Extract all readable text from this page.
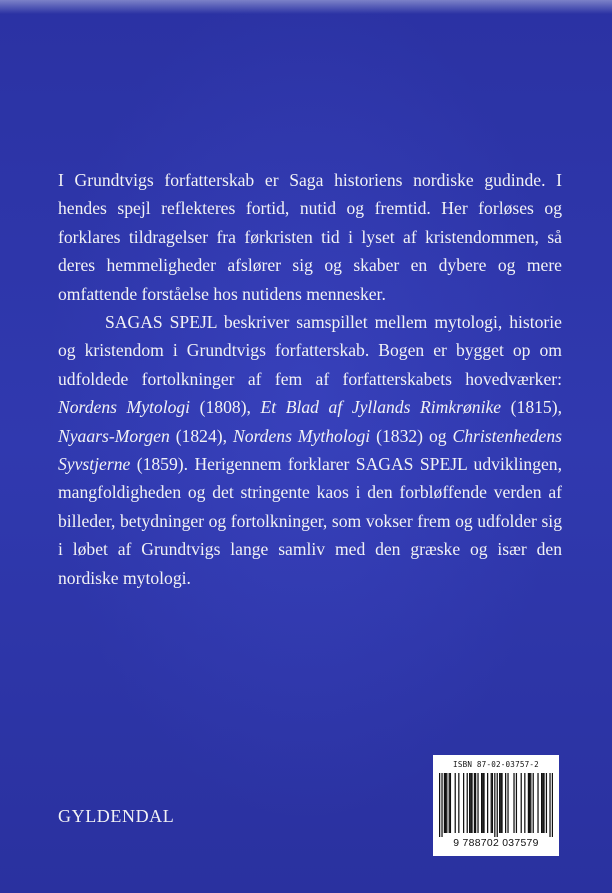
I Grundtvigs forfatterskab er Saga historiens nordiske gudinde. I hendes spejl reflekteres fortid, nutid og fremtid. Her forløses og forklares tildragelser fra førkristen tid i lyset af kristendommen, så deres hemmeligheder afslører sig og skaber en dybere og mere omfattende forståelse hos nutidens mennesker.

SAGAS SPEJL beskriver samspillet mellem mytologi, historie og kristendom i Grundtvigs forfatterskab. Bogen er bygget op om udfoldede fortolkninger af fem af forfatterskabets hovedværker: Nordens Mytologi (1808), Et Blad af Jyllands Rimkrønike (1815), Nyaars-Morgen (1824), Nordens Mythologi (1832) og Christenhedens Syvstjerne (1859). Herigennem forklarer SAGAS SPEJL udviklingen, mangfoldigheden og det stringente kaos i den forbløffende verden af billeder, betydninger og fortolkninger, som vokser frem og udfolder sig i løbet af Grundtvigs lange samliv med den græske og især den nordiske mytologi.

GYLDENDAL
ISBN 87-02-03757-2
9 788702 037579
